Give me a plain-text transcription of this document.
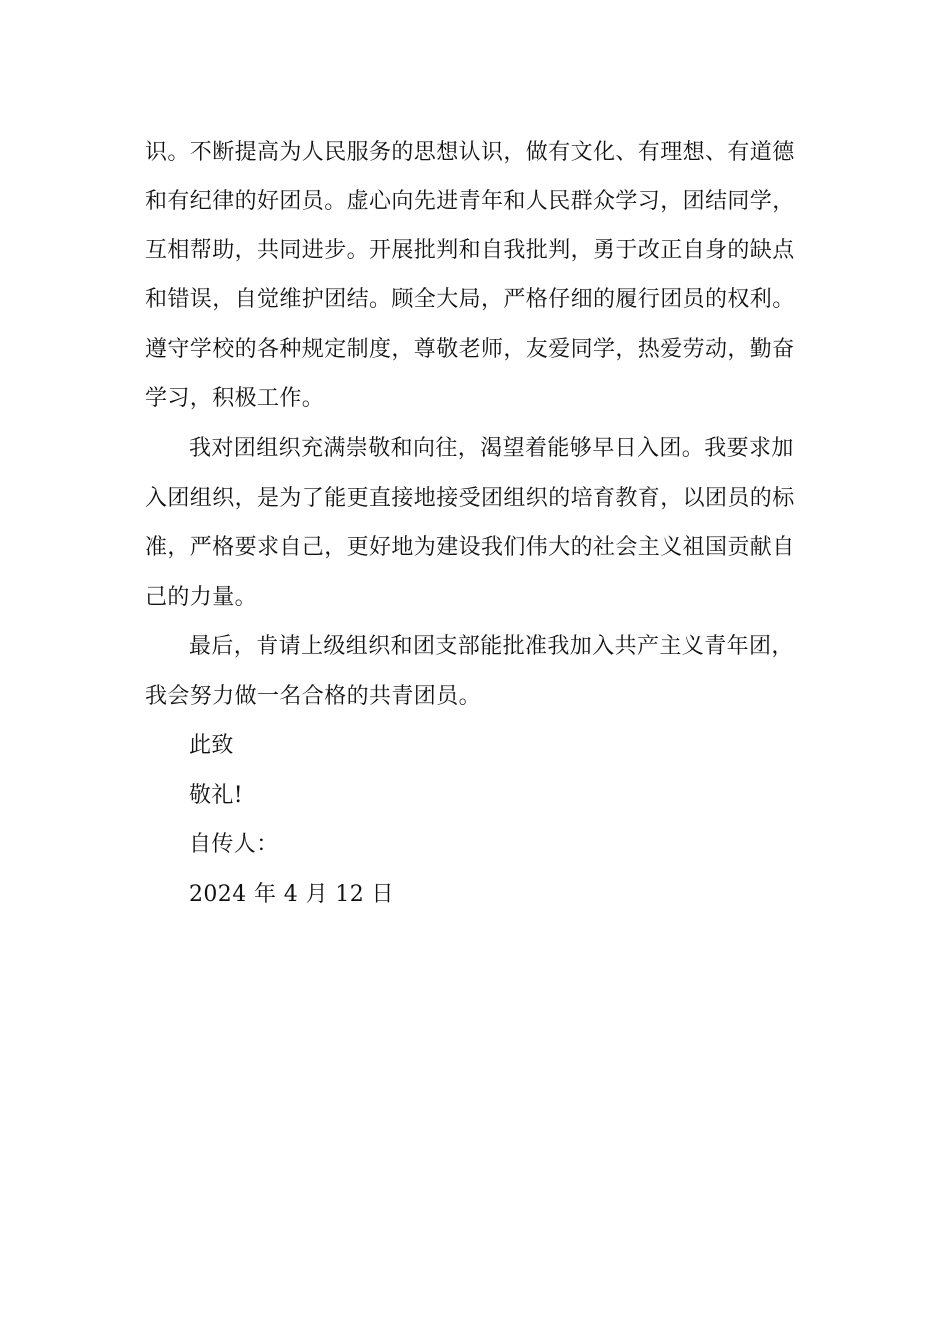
识。不断提高为人民服务的思想认识，做有文化、有理想、有道德
和有纪律的好团员。虚心向先进青年和人民群众学习，团结同学，
互相帮助，共同进步。开展批判和自我批判，勇于改正自身的缺点
和错误，自觉维护团结。顾全大局，严格仔细的履行团员的权利。
遵守学校的各种规定制度，尊敬老师，友爱同学，热爱劳动，勤奋
学习，积极工作。
我对团组织充满崇敬和向往，渴望着能够早日入团。我要求加
入团组织，是为了能更直接地接受团组织的培育教育，以团员的标
准，严格要求自己，更好地为建设我们伟大的社会主义祖国贡献自
己的力量。
最后，肯请上级组织和团支部能批准我加入共产主义青年团，
我会努力做一名合格的共青团员。
此致
敬礼!
自传人：
2024 年 4 月 12 日
